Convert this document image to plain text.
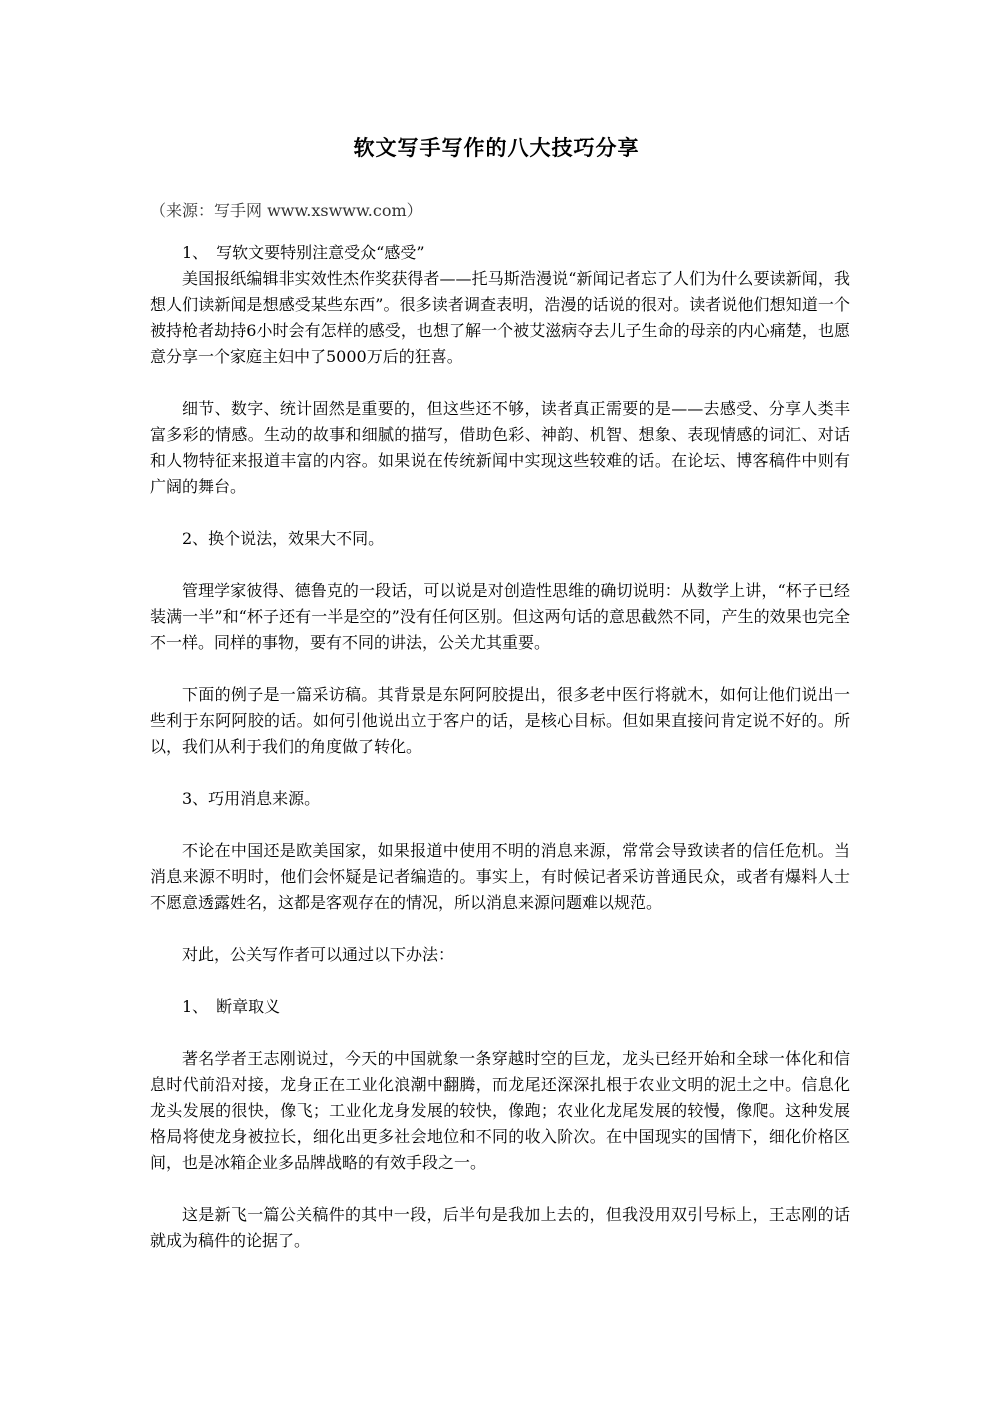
软文写手写作的八大技巧分享
（来源：写手网 www.xswww.com）

1、　写软文要特别注意受众“感受”

美国报纸编辑非实效性杰作奖获得者——托马斯浩漫说“新闻记者忘了人们为什么要读新闻，我想人们读新闻是想感受某些东西”。很多读者调查表明，浩漫的话说的很对。读者说他们想知道一个被持枪者劫持6小时会有怎样的感受，也想了解一个被艾滋病夺去儿子生命的母亲的内心痛楚，也愿意分享一个家庭主妇中了5000万后的狂喜。

细节、数字、统计固然是重要的，但这些还不够，读者真正需要的是——去感受、分享人类丰富多彩的情感。生动的故事和细腻的描写，借助色彩、神韵、机智、想象、表现情感的词汇、对话和人物特征来报道丰富的内容。如果说在传统新闻中实现这些较难的话。在论坛、博客稿件中则有广阔的舞台。

2、换个说法，效果大不同。

管理学家彼得、德鲁克的一段话，可以说是对创造性思维的确切说明：从数学上讲，“杯子已经装满一半”和“杯子还有一半是空的”没有任何区别。但这两句话的意思截然不同，产生的效果也完全不一样。同样的事物，要有不同的讲法，公关尤其重要。

下面的例子是一篇采访稿。其背景是东阿阿胶提出，很多老中医行将就木，如何让他们说出一些利于东阿阿胶的话。如何引他说出立于客户的话，是核心目标。但如果直接问肯定说不好的。所以，我们从利于我们的角度做了转化。

3、巧用消息来源。

不论在中国还是欧美国家，如果报道中使用不明的消息来源，常常会导致读者的信任危机。当消息来源不明时，他们会怀疑是记者编造的。事实上，有时候记者采访普通民众，或者有爆料人士不愿意透露姓名，这都是客观存在的情况，所以消息来源问题难以规范。

对此，公关写作者可以通过以下办法：

1、　断章取义

著名学者王志刚说过，今天的中国就象一条穿越时空的巨龙，龙头已经开始和全球一体化和信息时代前沿对接，龙身正在工业化浪潮中翻腾，而龙尾还深深扎根于农业文明的泥土之中。信息化龙头发展的很快，像飞；工业化龙身发展的较快，像跑；农业化龙尾发展的较慢，像爬。这种发展格局将使龙身被拉长，细化出更多社会地位和不同的收入阶次。在中国现实的国情下，细化价格区间，也是冰箱企业多品牌战略的有效手段之一。

这是新飞一篇公关稿件的其中一段，后半句是我加上去的，但我没用双引号标上，王志刚的话就成为稿件的论据了。
